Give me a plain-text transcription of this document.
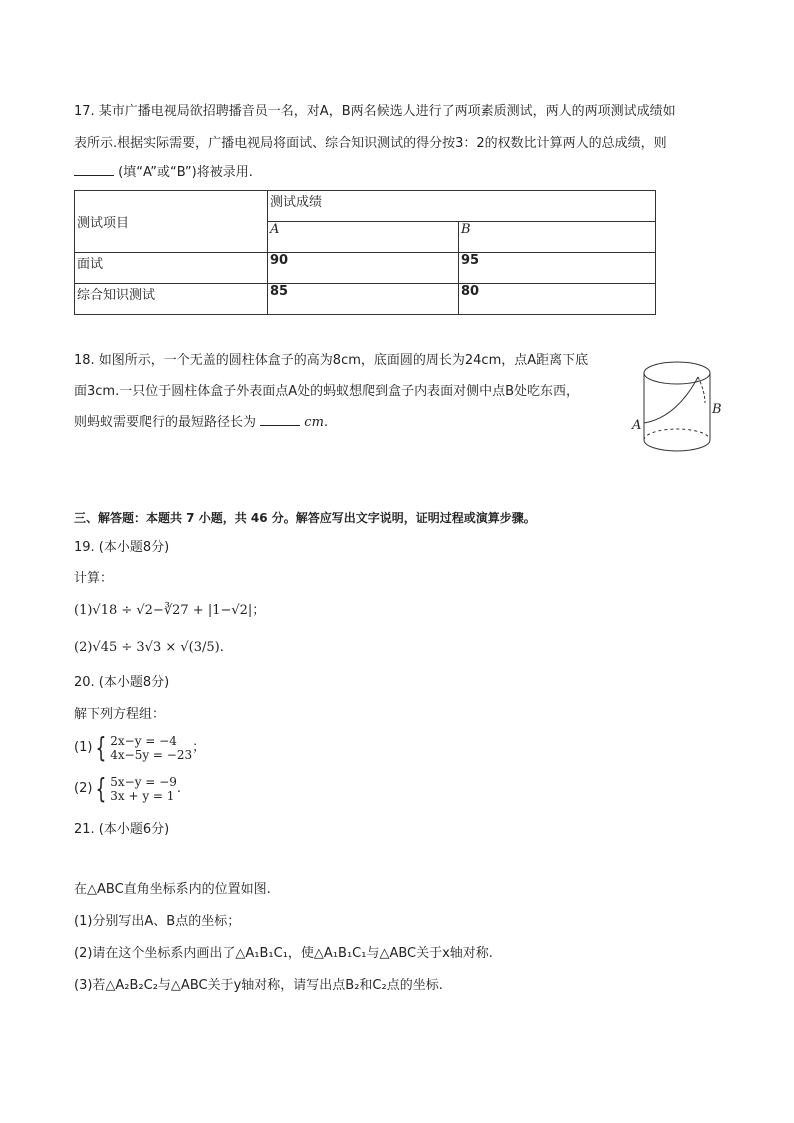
17. 某市广播电视局欲招聘播音员一名，对A，B两名候选人进行了两项素质测试，两人的两项测试成绩如
表所示.根据实际需要，广播电视局将面试、综合知识测试的得分按3：2的权数比计算两人的总成绩，则
(填“A”或“B”)将被录用.
测试项目	测试成绩	
	A	B
面试	90	95
综合知识测试	85	80
18. 如图所示，一个无盖的圆柱体盒子的高为8cm，底面圆的周长为24cm，点A距离下底
面3cm.一只位于圆柱体盒子外表面点A处的蚂蚁想爬到盒子内表面对侧中点B处吃东西，
则蚂蚁需要爬行的最短路径长为	cm.	A
B
三、解答题：本题共 7 小题，共 46 分。解答应写出文字说明，证明过程或演算步骤。
19. (本小题8分)
计算：
(1)√18 ÷ √2−∛27 + |1−√2|；
(2)√45 ÷ 3√3 × √(3/5).
20. (本小题8分)
解下列方程组：
(1) { 2x−y = −4
4x−5y = −23 ；
(2) { 5x−y = −9
3x + y = 1 .
21. (本小题6分)
在△ABC直角坐标系内的位置如图.
(1)分别写出A、B点的坐标；
(2)请在这个坐标系内画出了△A₁B₁C₁，使△A₁B₁C₁与△ABC关于x轴对称.
(3)若△A₂B₂C₂与△ABC关于y轴对称，请写出点B₂和C₂点的坐标.
